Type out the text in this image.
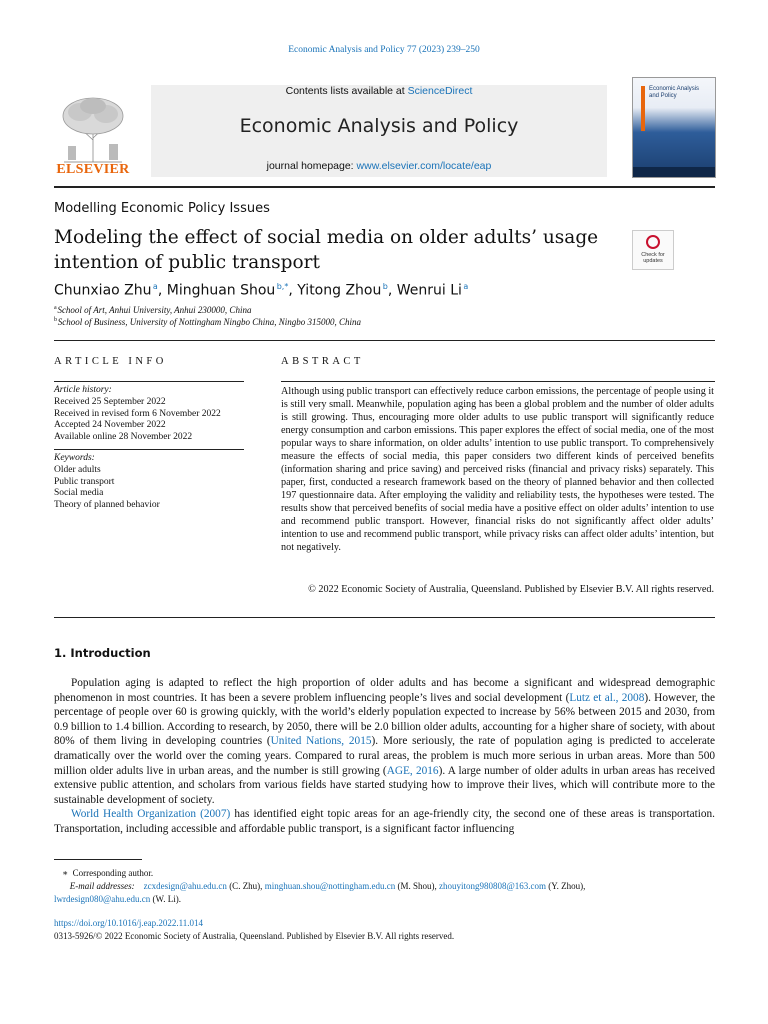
Economic Analysis and Policy 77 (2023) 239–250
ELSEVIER
Contents lists available at ScienceDirect
Economic Analysis and Policy
journal homepage: www.elsevier.com/locate/eap
Economic Analysis and Policy
Modelling Economic Policy Issues
Modeling the effect of social media on older adults’ usage
intention of public transport	Check for updates
Chunxiao Zhu $^a$, Minghuan Shou $^{b,*}$, Yitong Zhou $^b$, Wenrui Li $^a$
$^a$ School of Art, Anhui University, Anhui 230000, China
$^b$ School of Business, University of Nottingham Ningbo China, Ningbo 315000, China
ARTICLE INFO	ABSTRACT
Article history:
Received 25 September 2022
Received in revised form 6 November 2022
Accepted 24 November 2022
Available online 28 November 2022
Keywords:
Older adults
Public transport
Social media
Theory of planned behavior
Although using public transport can effectively reduce carbon emissions, the percentage of people using it is still very small. Meanwhile, population aging has been a global problem and the number of older adults is still growing. Thus, encouraging more older adults to use public transport will significantly reduce energy consumption and carbon emissions. This paper explores the effect of social media, one of the most popular ways to share information, on older adults’ intention to use public transport. To comprehensively measure the effects of social media, this paper considers two different kinds of perceived benefits (information sharing and price saving) and perceived risks (financial and privacy risks) separately. This paper, first, conducted a research framework based on the theory of planned behavior and then collected 197 questionnaire data. After employing the validity and reliability tests, the hypotheses were tested. The results show that perceived benefits of social media have a positive effect on older adults’ intention to use and recommend public transport. However, financial risks do not significantly affect older adults’ intention to use and recommend public transport, while privacy risks can affect older adults’ intention, but not negatively.
© 2022 Economic Society of Australia, Queensland. Published by Elsevier B.V. All rights reserved.
1. Introduction

Population aging is adapted to reflect the high proportion of older adults and has become a significant and widespread demographic phenomenon in most countries. It has been a severe problem influencing people’s lives and social development (Lutz et al., 2008). However, the percentage of people over 60 is growing quickly, with the world’s elderly population expected to increase by 56% between 2015 and 2030, from 0.9 billion to 1.4 billion. According to research, by 2050, there will be 2.0 billion older adults, accounting for a higher share of society, with about 80% of them living in developing countries (United Nations, 2015). More seriously, the rate of population aging is predicted to accelerate dramatically over the world over the coming years. Compared to rural areas, the problem is much more serious in urban areas. More than 500 million older adults live in urban areas, and the number is still growing (AGE, 2016). A large number of older adults in urban areas has received extensive public attention, and scholars from various fields have started studying how to improve their lives, which will contribute more to the sustainable development of society.

World Health Organization (2007) has identified eight topic areas for an age-friendly city, the second one of these areas is transportation. Transportation, including accessible and affordable public transport, is a significant factor influencing

∗ Corresponding author.
E-mail addresses: zcxdesign@ahu.edu.cn (C. Zhu), minghuan.shou@nottingham.edu.cn (M. Shou), zhouyitong980808@163.com (Y. Zhou),
lwrdesign080@ahu.edu.cn (W. Li).
https://doi.org/10.1016/j.eap.2022.11.014
0313-5926/© 2022 Economic Society of Australia, Queensland. Published by Elsevier B.V. All rights reserved.
